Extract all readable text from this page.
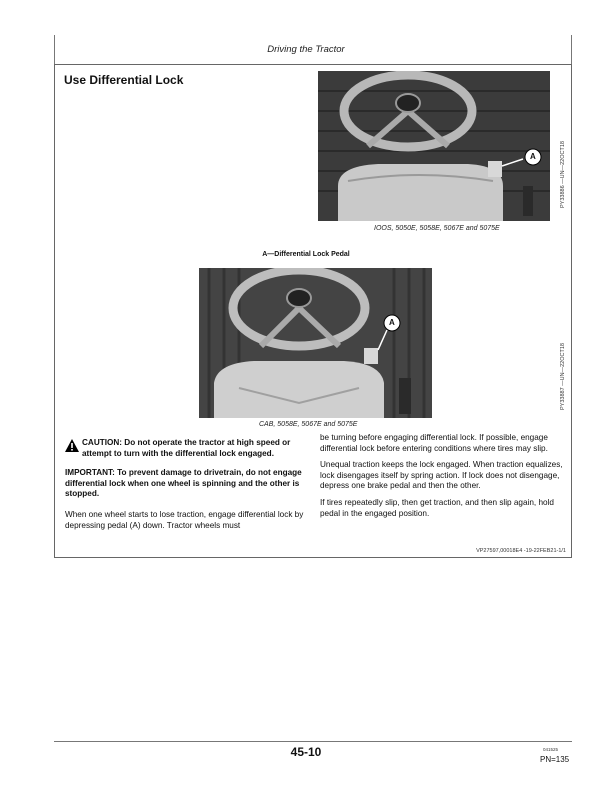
Driving the Tractor
Use Differential Lock
A
IOOS, 5050E, 5058E, 5067E and 5075E
PY33886 —UN—22OCT18
A—Differential Lock Pedal
A
CAB, 5058E, 5067E and 5075E
PY33887 —UN—22OCT18
CAUTION: Do not operate the tractor at high speed or attempt to turn with the differential lock engaged.

IMPORTANT: To prevent damage to drivetrain, do not engage differential lock when one wheel is spinning and the other is stopped.

When one wheel starts to lose traction, engage differential lock by depressing pedal (A) down. Tractor wheels must

be turning before engaging differential lock. If possible, engage differential lock before entering conditions where tires may slip.

Unequal traction keeps the lock engaged. When traction equalizes, lock disengages itself by spring action. If lock does not disengage, depress one brake pedal and then the other.

If tires repeatedly slip, then get traction, and then slip again, hold pedal in the engaged position.

VP27597,00018E4 -19-22FEB21-1/1
45-10	041525
PN=135
